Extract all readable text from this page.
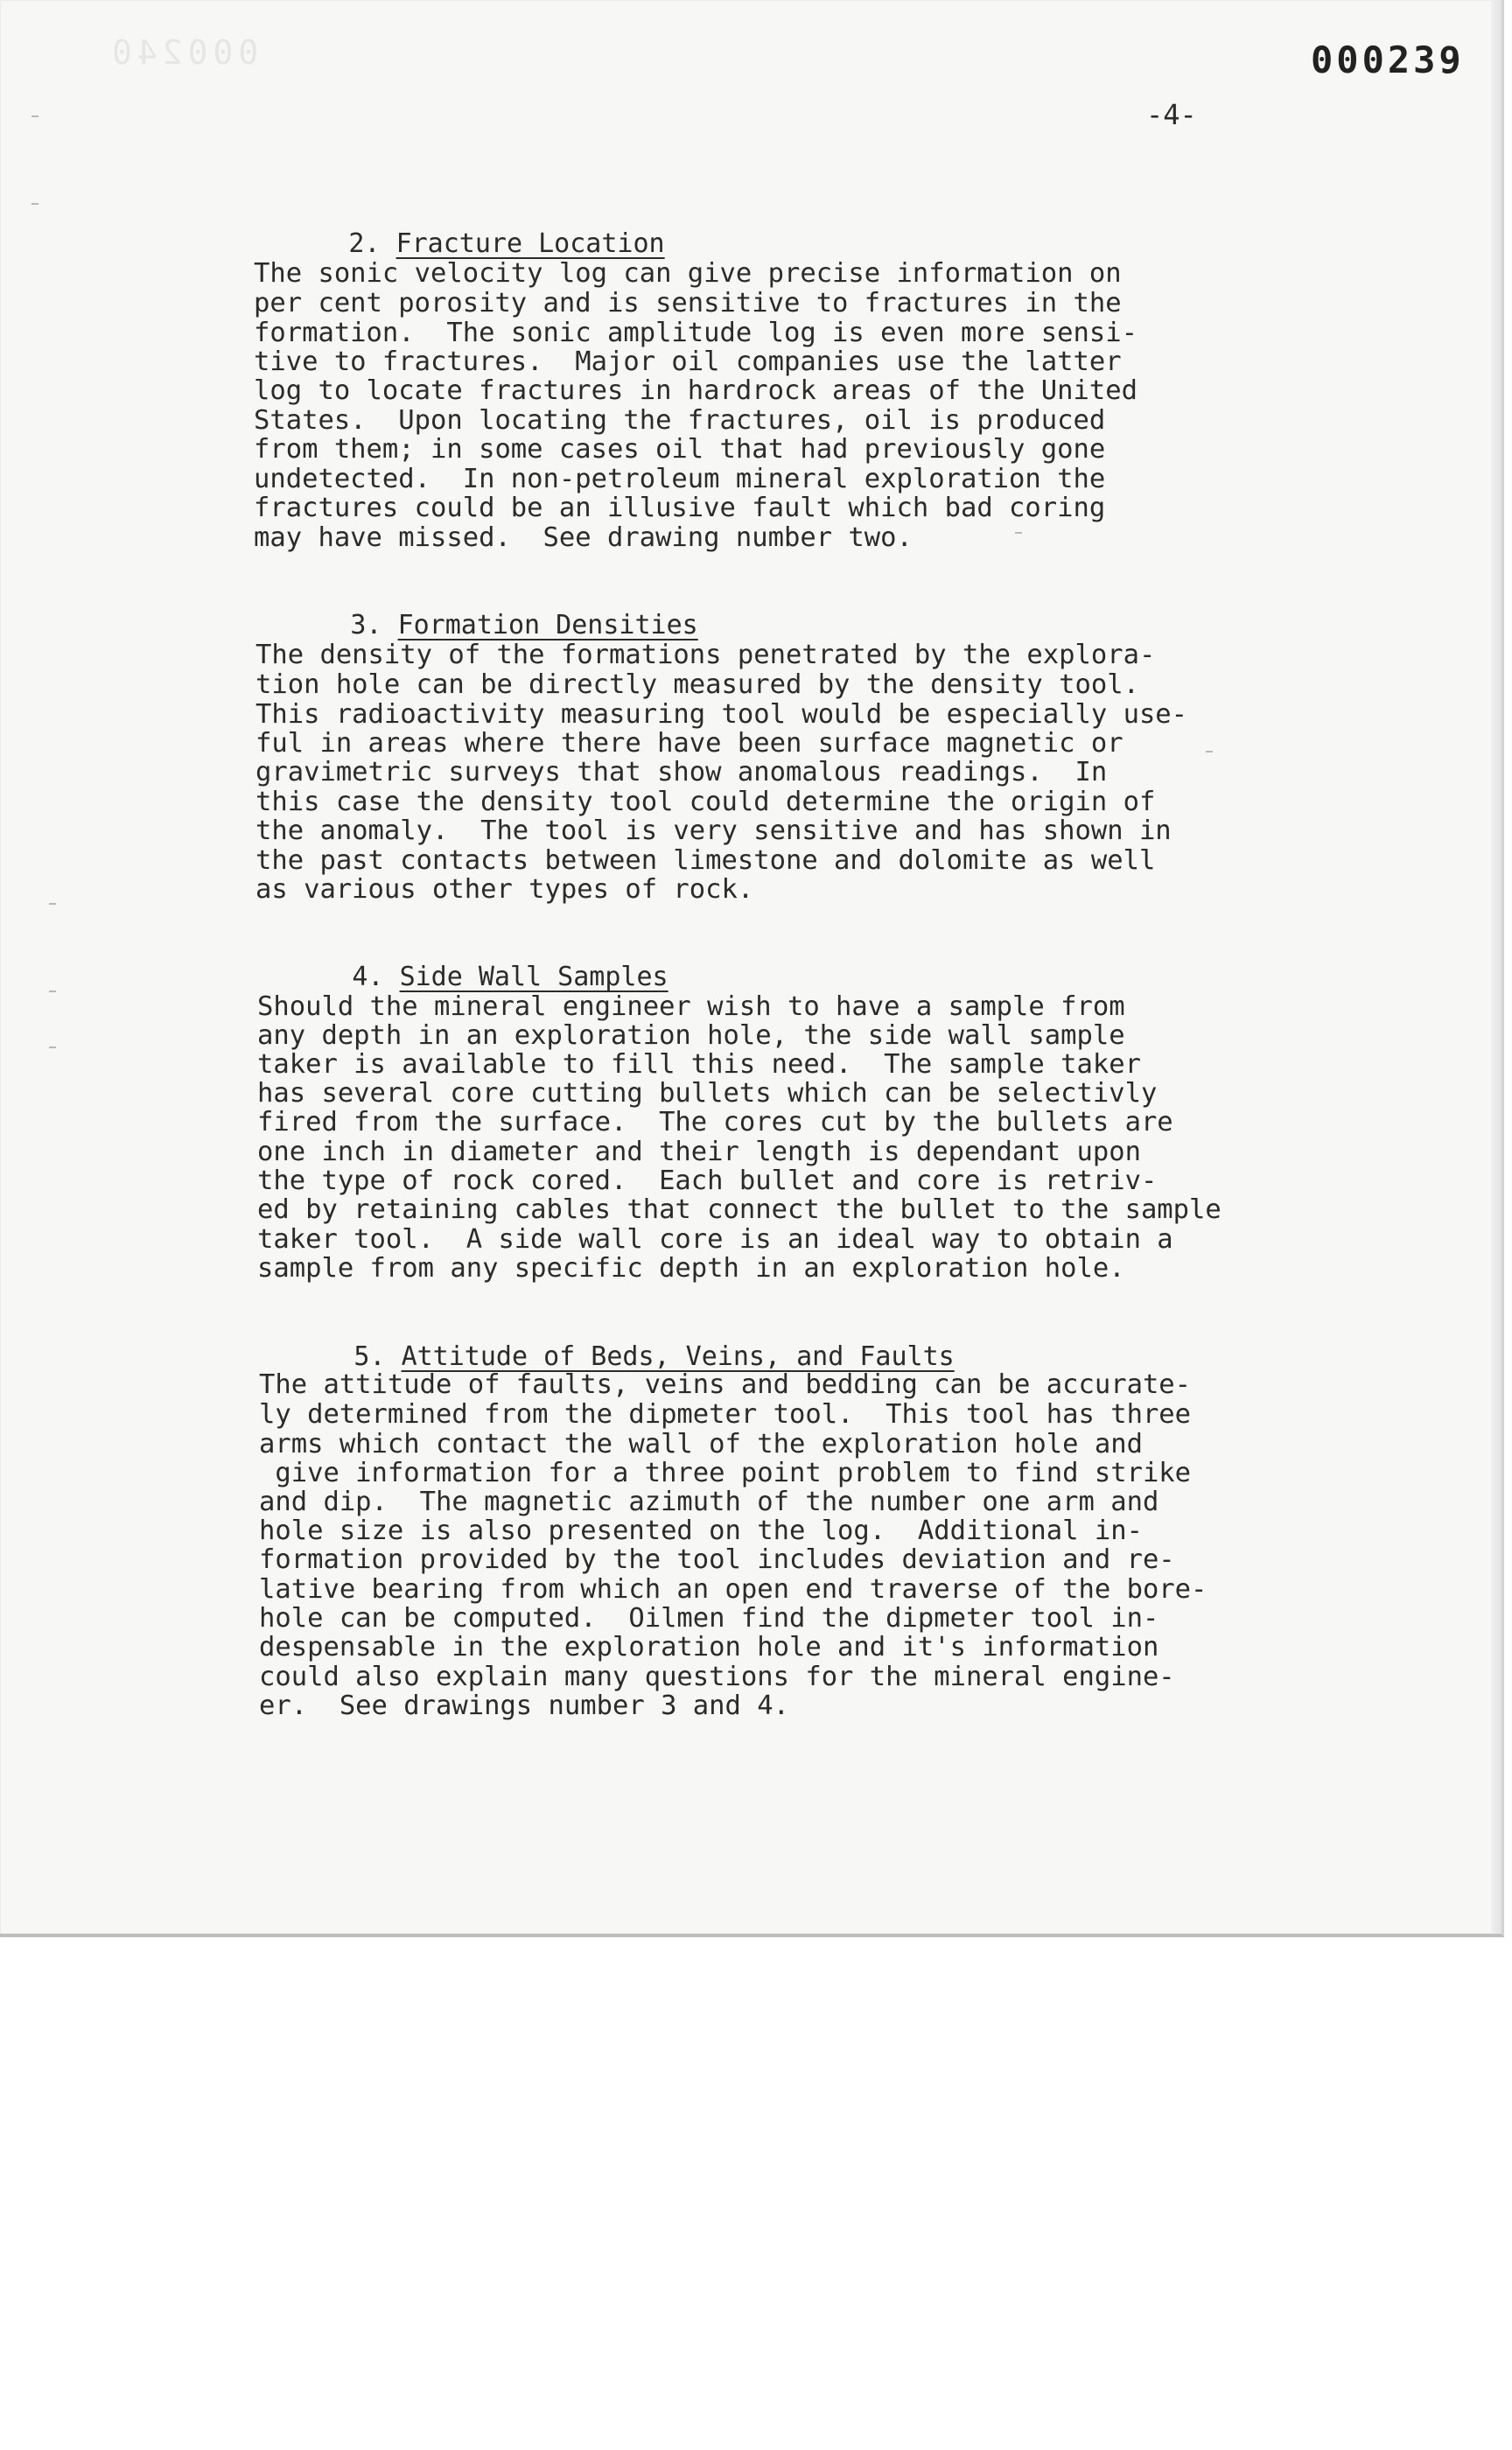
000240	000239
-4-

2. Fracture Location

The sonic velocity log can give precise information on
per cent porosity and is sensitive to fractures in the
formation.  The sonic amplitude log is even more sensi-
tive to fractures.  Major oil companies use the latter
log to locate fractures in hardrock areas of the United
States.  Upon locating the fractures, oil is produced
from them; in some cases oil that had previously gone
undetected.  In non-petroleum mineral exploration the
fractures could be an illusive fault which bad coring
may have missed.  See drawing number two.

3. Formation Densities

The density of the formations penetrated by the explora-
tion hole can be directly measured by the density tool.
This radioactivity measuring tool would be especially use-
ful in areas where there have been surface magnetic or
gravimetric surveys that show anomalous readings.  In
this case the density tool could determine the origin of
the anomaly.  The tool is very sensitive and has shown in
the past contacts between limestone and dolomite as well
as various other types of rock.

4. Side Wall Samples

Should the mineral engineer wish to have a sample from
any depth in an exploration hole, the side wall sample
taker is available to fill this need.  The sample taker
has several core cutting bullets which can be selectivly
fired from the surface.  The cores cut by the bullets are
one inch in diameter and their length is dependant upon
the type of rock cored.  Each bullet and core is retriv-
ed by retaining cables that connect the bullet to the sample
taker tool.  A side wall core is an ideal way to obtain a
sample from any specific depth in an exploration hole.

5. Attitude of Beds, Veins, and Faults

The attitude of faults, veins and bedding can be accurate-
ly determined from the dipmeter tool.  This tool has three
arms which contact the wall of the exploration hole and
give information for a three point problem to find strike
and dip.  The magnetic azimuth of the number one arm and
hole size is also presented on the log.  Additional in-
formation provided by the tool includes deviation and re-
lative bearing from which an open end traverse of the bore-
hole can be computed.  Oilmen find the dipmeter tool in-
despensable in the exploration hole and it's information
could also explain many questions for the mineral engine-
er.  See drawings number 3 and 4.
